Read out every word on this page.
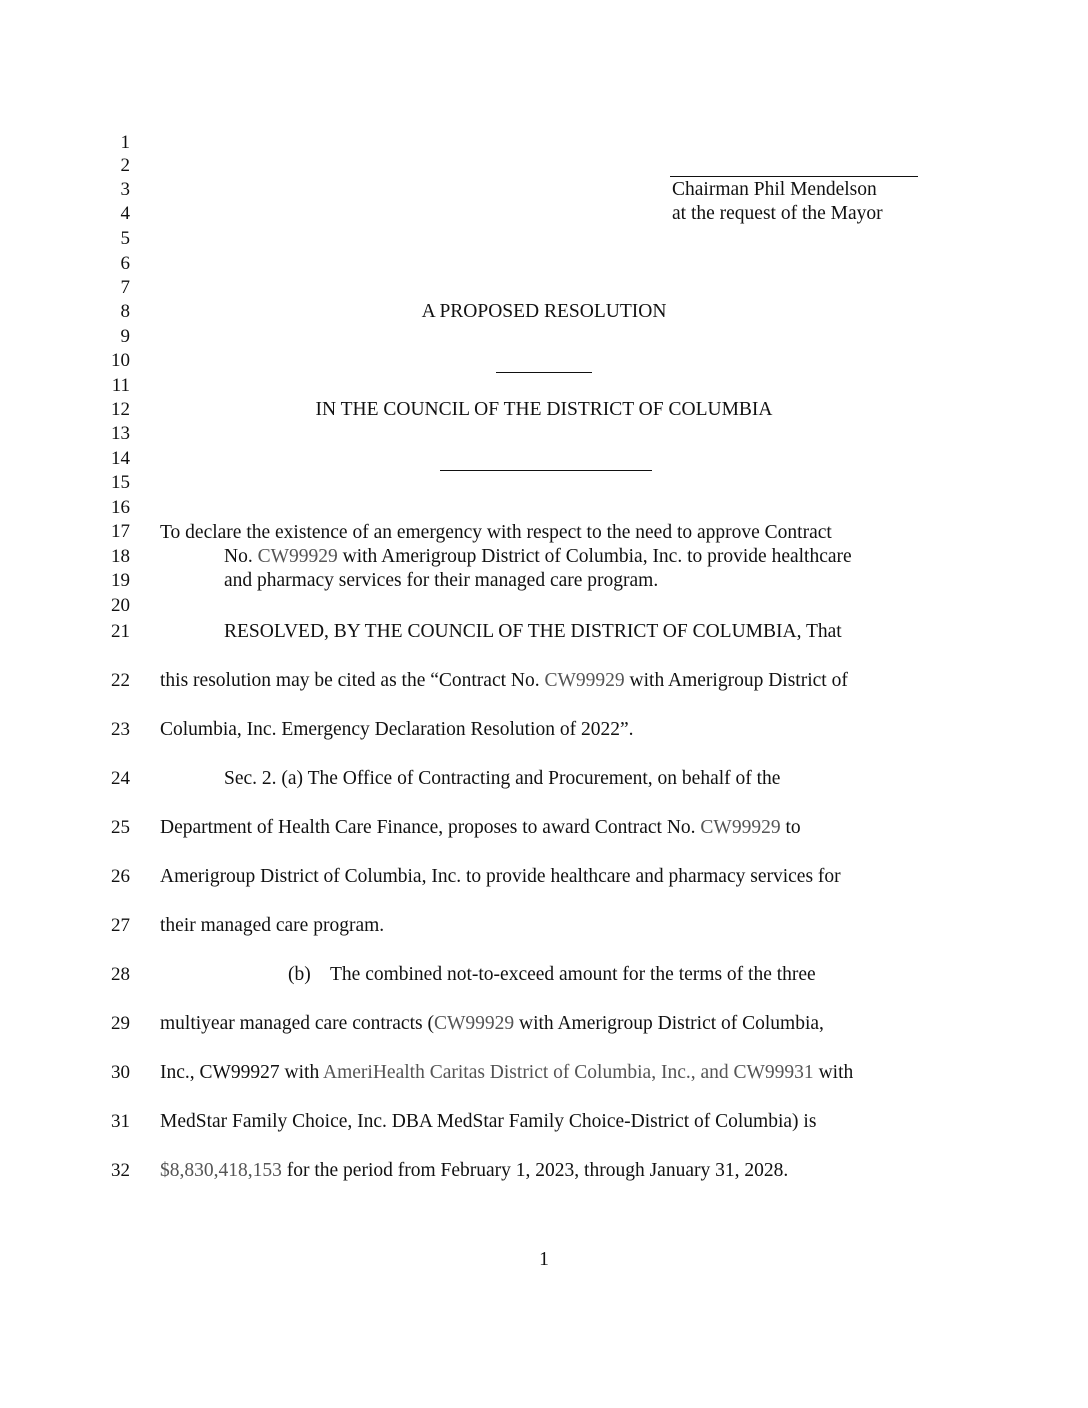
1
2
3
4
5
6
7
8
9
10
11
12
13
14
15
16
17
18
19
20
21
22
23
24
25
26
27
28
29
30
31
32
Chairman Phil Mendelson
at the request of the Mayor
A PROPOSED RESOLUTION
IN THE COUNCIL OF THE DISTRICT OF COLUMBIA
To declare the existence of an emergency with respect to the need to approve Contract
No. CW99929 with Amerigroup District of Columbia, Inc. to provide healthcare
and pharmacy services for their managed care program.
RESOLVED, BY THE COUNCIL OF THE DISTRICT OF COLUMBIA, That
this resolution may be cited as the “Contract No. CW99929 with Amerigroup District of
Columbia, Inc. Emergency Declaration Resolution of 2022”.
Sec. 2. (a) The Office of Contracting and Procurement, on behalf of the
Department of Health Care Finance, proposes to award Contract No. CW99929 to
Amerigroup District of Columbia, Inc. to provide healthcare and pharmacy services for
their managed care program.
(b) The combined not-to-exceed amount for the terms of the three
multiyear managed care contracts (CW99929 with Amerigroup District of Columbia,
Inc., CW99927 with AmeriHealth Caritas District of Columbia, Inc., and CW99931 with
MedStar Family Choice, Inc. DBA MedStar Family Choice-District of Columbia) is
$8,830,418,153 for the period from February 1, 2023, through January 31, 2028.
1
